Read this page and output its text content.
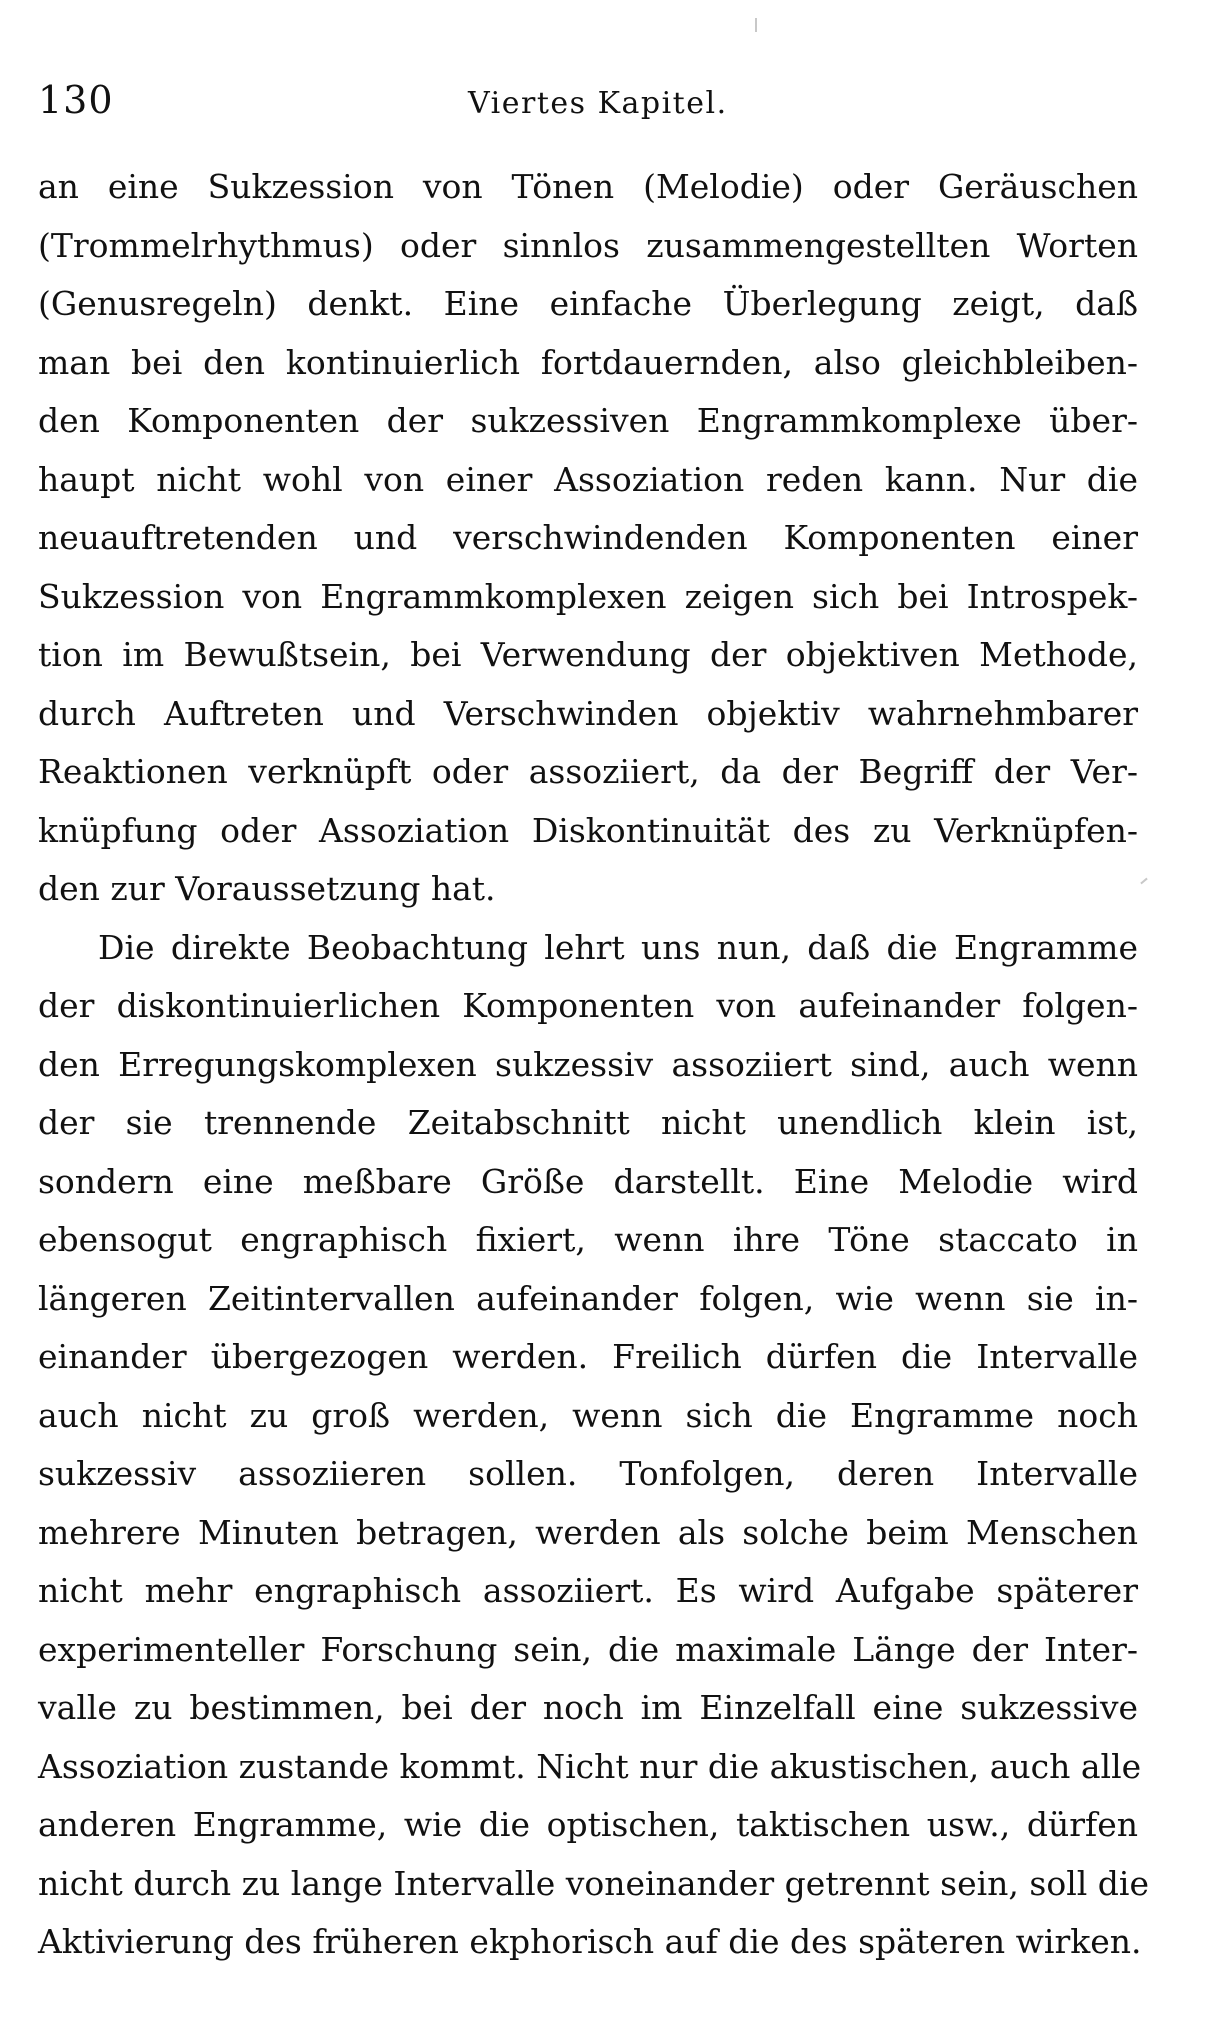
130	Viertes Kapitel.
an eine Sukzession von Tönen (Melodie) oder Geräuschen
(Trommelrhythmus) oder sinnlos zusammengestellten Worten
(Genusregeln) denkt. Eine einfache Überlegung zeigt, daß
man bei den kontinuierlich fortdauernden, also gleichbleiben-
den Komponenten der sukzessiven Engrammkomplexe über-
haupt nicht wohl von einer Assoziation reden kann. Nur die
neuauftretenden und verschwindenden Komponenten einer
Sukzession von Engrammkomplexen zeigen sich bei Introspek-
tion im Bewußtsein, bei Verwendung der objektiven Methode,
durch Auftreten und Verschwinden objektiv wahrnehmbarer
Reaktionen verknüpft oder assoziiert, da der Begriff der Ver-
knüpfung oder Assoziation Diskontinuität des zu Verknüpfen-
den zur Voraussetzung hat.
Die direkte Beobachtung lehrt uns nun, daß die Engramme
der diskontinuierlichen Komponenten von aufeinander folgen-
den Erregungskomplexen sukzessiv assoziiert sind, auch wenn
der sie trennende Zeitabschnitt nicht unendlich klein ist,
sondern eine meßbare Größe darstellt. Eine Melodie wird
ebensogut engraphisch fixiert, wenn ihre Töne staccato in
längeren Zeitintervallen aufeinander folgen, wie wenn sie in-
einander übergezogen werden. Freilich dürfen die Intervalle
auch nicht zu groß werden, wenn sich die Engramme noch
sukzessiv assoziieren sollen. Tonfolgen, deren Intervalle
mehrere Minuten betragen, werden als solche beim Menschen
nicht mehr engraphisch assoziiert. Es wird Aufgabe späterer
experimenteller Forschung sein, die maximale Länge der Inter-
valle zu bestimmen, bei der noch im Einzelfall eine sukzessive
Assoziation zustande kommt. Nicht nur die akustischen, auch alle
anderen Engramme, wie die optischen, taktischen usw., dürfen
nicht durch zu lange Intervalle voneinander getrennt sein, soll die
Aktivierung des früheren ekphorisch auf die des späteren wirken.
